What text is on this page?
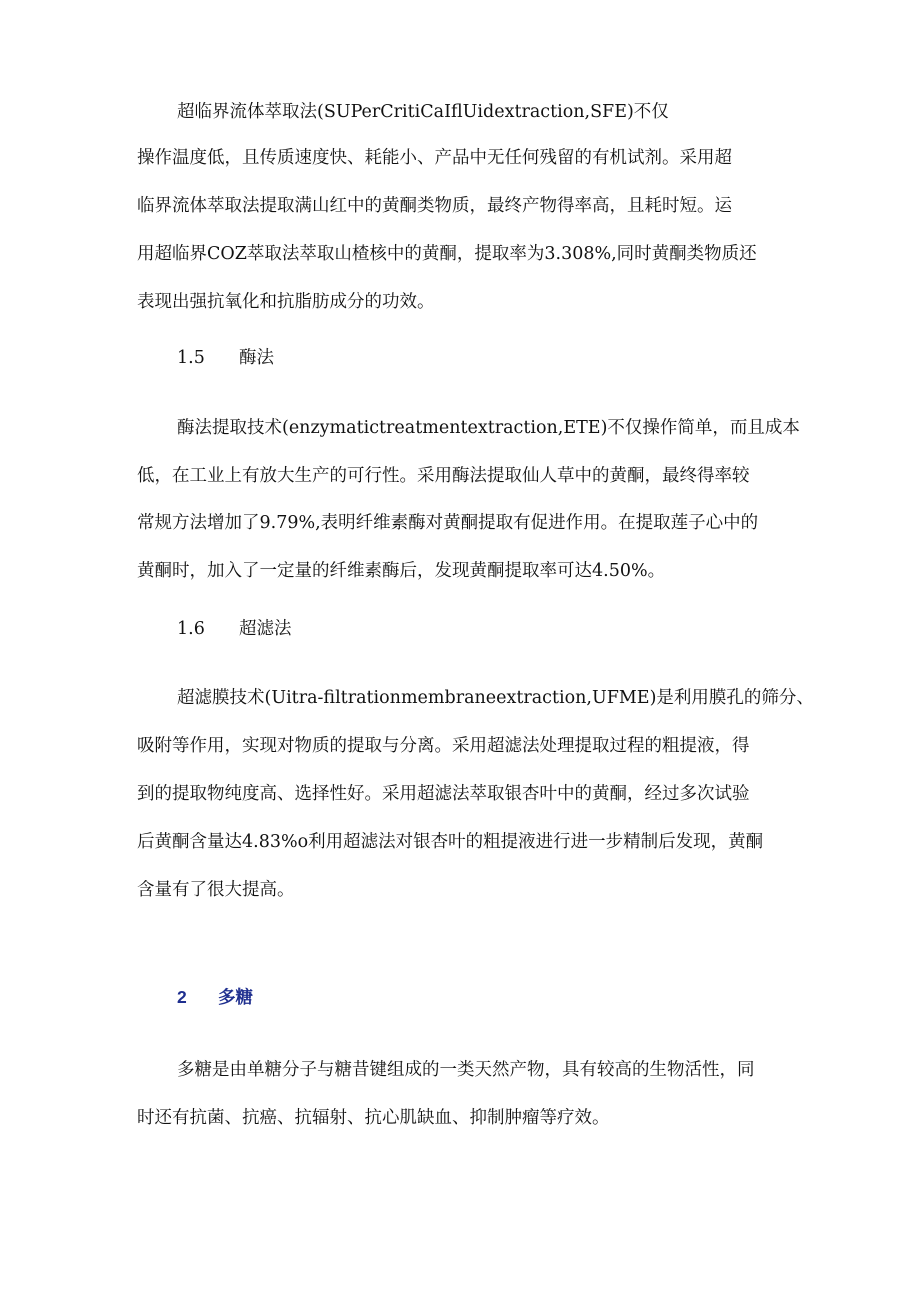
超临界流体萃取法(SUPerCritiCaIflUidextraction,SFE)不仅
操作温度低，且传质速度快、耗能小、产品中无任何残留的有机试剂。采用超
临界流体萃取法提取满山红中的黄酮类物质，最终产物得率高，且耗时短。运
用超临界COZ萃取法萃取山楂核中的黄酮，提取率为3.308%,同时黄酮类物质还
表现出强抗氧化和抗脂肪成分的功效。
1.5 酶法
酶法提取技术(enzymatictreatmentextraction,ETE)不仅操作简单，而且成本
低，在工业上有放大生产的可行性。采用酶法提取仙人草中的黄酮，最终得率较
常规方法增加了9.79%,表明纤维素酶对黄酮提取有促进作用。在提取莲子心中的
黄酮时，加入了一定量的纤维素酶后，发现黄酮提取率可达4.50%。
1.6 超滤法
超滤膜技术(Uitra-filtrationmembraneextraction,UFME)是利用膜孔的筛分、
吸附等作用，实现对物质的提取与分离。采用超滤法处理提取过程的粗提液，得
到的提取物纯度高、选择性好。采用超滤法萃取银杏叶中的黄酮，经过多次试验
后黄酮含量达4.83%o利用超滤法对银杏叶的粗提液进行进一步精制后发现，黄酮
含量有了很大提高。
2 多糖
多糖是由单糖分子与糖昔键组成的一类天然产物，具有较高的生物活性，同
时还有抗菌、抗癌、抗辐射、抗心肌缺血、抑制肿瘤等疗效。
